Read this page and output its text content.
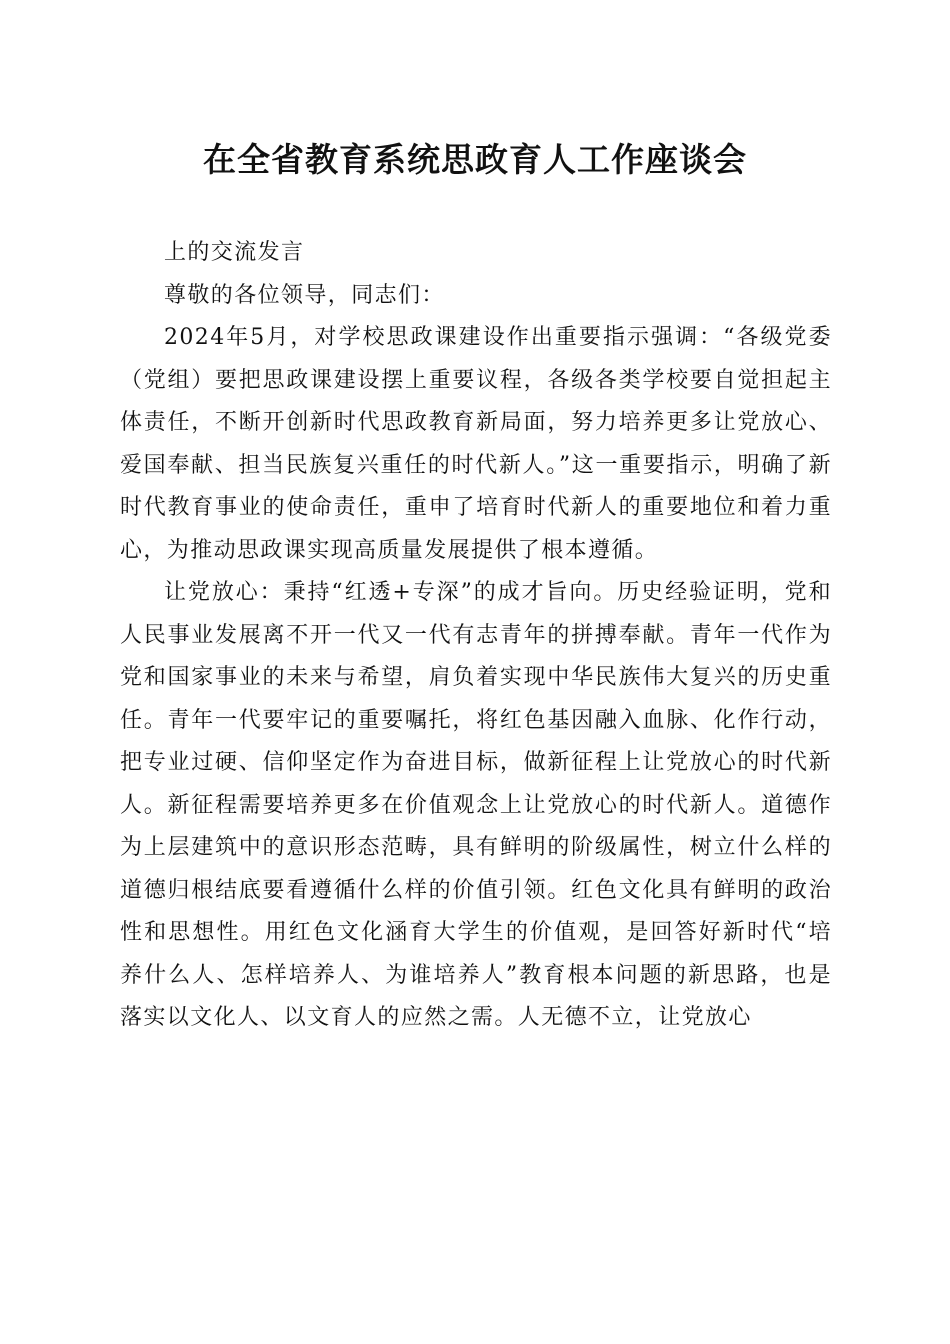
在全省教育系统思政育人工作座谈会

上的交流发言

尊敬的各位领导，同志们：

2024年5月，对学校思政课建设作出重要指示强调：“各级党委（党组）要把思政课建设摆上重要议程，各级各类学校要自觉担起主体责任，不断开创新时代思政教育新局面，努力培养更多让党放心、爱国奉献、担当民族复兴重任的时代新人。”这一重要指示，明确了新时代教育事业的使命责任，重申了培育时代新人的重要地位和着力重心，为推动思政课实现高质量发展提供了根本遵循。

让党放心：秉持“红透+专深”的成才旨向。历史经验证明，党和人民事业发展离不开一代又一代有志青年的拼搏奉献。青年一代作为党和国家事业的未来与希望，肩负着实现中华民族伟大复兴的历史重任。青年一代要牢记的重要嘱托，将红色基因融入血脉、化作行动，把专业过硬、信仰坚定作为奋进目标，做新征程上让党放心的时代新人。新征程需要培养更多在价值观念上让党放心的时代新人。道德作为上层建筑中的意识形态范畴，具有鲜明的阶级属性，树立什么样的道德归根结底要看遵循什么样的价值引领。红色文化具有鲜明的政治性和思想性。用红色文化涵育大学生的价值观，是回答好新时代“培养什么人、怎样培养人、为谁培养人”教育根本问题的新思路，也是落实以文化人、以文育人的应然之需。人无德不立，让党放心
